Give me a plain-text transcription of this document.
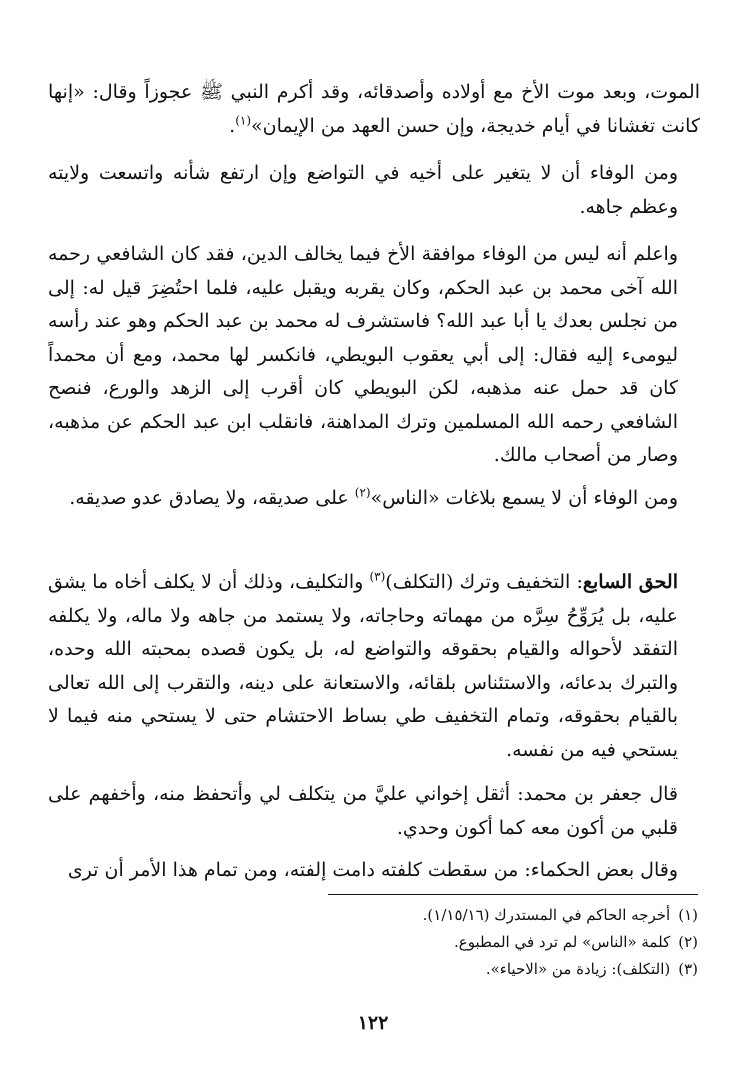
الموت، وبعد موت الأخ مع أولاده وأصدقائه، وقد أكرم النبي ﷺ عجوزاً وقال: «إنها كانت تغشانا في أيام خديجة، وإن حسن العهد من الإيمان»$^{(١)}$.

ومن الوفاء أن لا يتغير على أخيه في التواضع وإن ارتفع شأنه واتسعت ولايته وعظم جاهه.

واعلم أنه ليس من الوفاء موافقة الأخ فيما يخالف الدين، فقد كان الشافعي رحمه الله آخى محمد بن عبد الحكم، وكان يقربه ويقبل عليه، فلما احتُضِرَ قيل له: إلى من نجلس بعدك يا أبا عبد الله؟ فاستشرف له محمد بن عبد الحكم وهو عند رأسه ليومىء إليه فقال: إلى أبي يعقوب البويطي، فانكسر لها محمد، ومع أن محمداً كان قد حمل عنه مذهبه، لكن البويطي كان أقرب إلى الزهد والورع، فنصح الشافعي رحمه الله المسلمين وترك المداهنة، فانقلب ابن عبد الحكم عن مذهبه، وصار من أصحاب مالك.

ومن الوفاء أن لا يسمع بلاغات «الناس»$^{(٢)}$ على صديقه، ولا يصادق عدو صديقه.

الحق السابع: التخفيف وترك (التكلف)$^{(٣)}$ والتكليف، وذلك أن لا يكلف أخاه ما يشق عليه، بل يُرَوِّحُ سِرَّه من مهماته وحاجاته، ولا يستمد من جاهه ولا ماله، ولا يكلفه التفقد لأحواله والقيام بحقوقه والتواضع له، بل يكون قصده بمحبته الله وحده، والتبرك بدعائه، والاستئناس بلقائه، والاستعانة على دينه، والتقرب إلى الله تعالى بالقيام بحقوقه، وتمام التخفيف طي بساط الاحتشام حتى لا يستحي منه فيما لا يستحي فيه من نفسه.

قال جعفر بن محمد: أثقل إخواني عليَّ من يتكلف لي وأتحفظ منه، وأخفهم على قلبي من أكون معه كما أكون وحدي.

وقال بعض الحكماء: من سقطت كلفته دامت إلفته، ومن تمام هذا الأمر أن ترى

(١)أخرجه الحاكم في المستدرك (١/١٥/١٦).
(٢)كلمة «الناس» لم ترد في المطبوع.
(٣)(التكلف): زيادة من «الاحياء».
١٢٢
